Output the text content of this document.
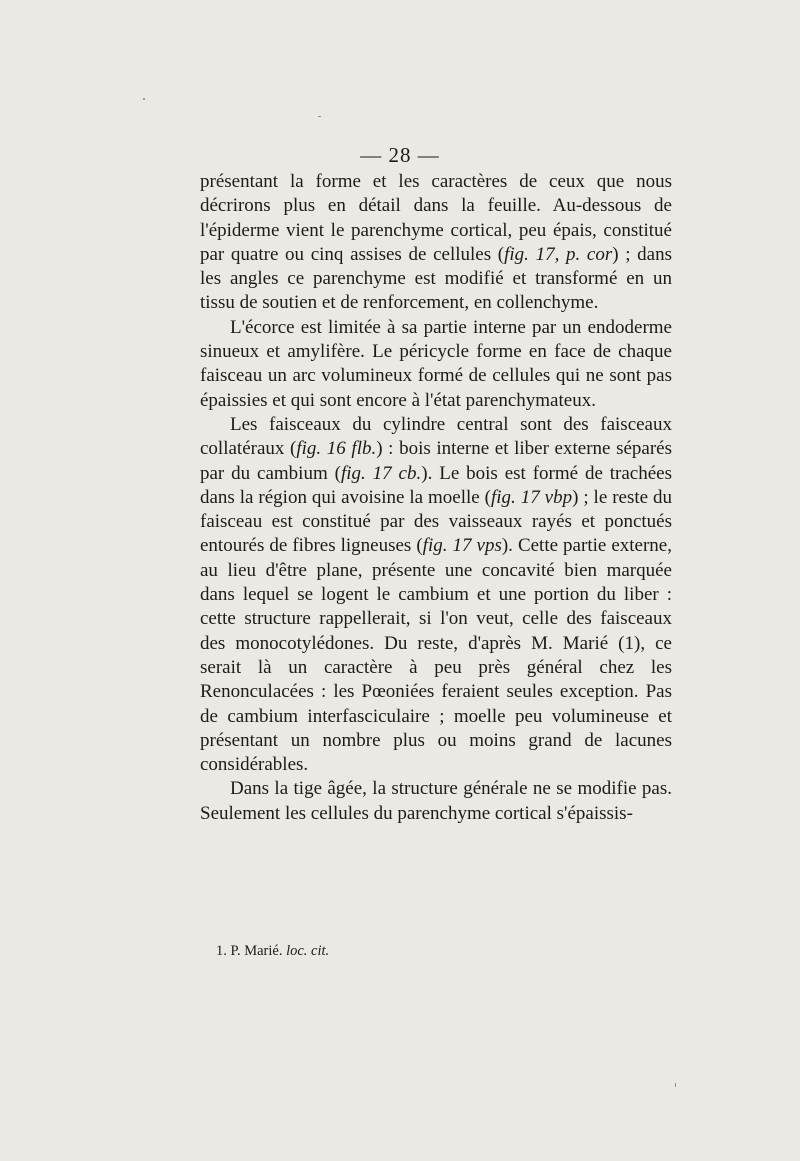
— 28 —

présentant la forme et les caractères de ceux que nous décrirons plus en détail dans la feuille. Au-dessous de l'épiderme vient le parenchyme cortical, peu épais, constitué par quatre ou cinq assises de cellules (fig. 17, p. cor) ; dans les angles ce parenchyme est modifié et transformé en un tissu de soutien et de renforcement, en collenchyme.

L'écorce est limitée à sa partie interne par un endoderme sinueux et amylifère. Le péricycle forme en face de chaque faisceau un arc volumineux formé de cellules qui ne sont pas épaissies et qui sont encore à l'état parenchymateux.

Les faisceaux du cylindre central sont des faisceaux collatéraux (fig. 16 flb.) : bois interne et liber externe séparés par du cambium (fig. 17 cb.). Le bois est formé de trachées dans la région qui avoisine la moelle (fig. 17 vbp) ; le reste du faisceau est constitué par des vaisseaux rayés et ponctués entourés de fibres ligneuses (fig. 17 vps). Cette partie externe, au lieu d'être plane, présente une concavité bien marquée dans lequel se logent le cambium et une portion du liber : cette structure rappellerait, si l'on veut, celle des faisceaux des monocotylédones. Du reste, d'après M. Marié (1), ce serait là un caractère à peu près général chez les Renonculacées : les Pœoniées feraient seules exception. Pas de cambium interfasciculaire ; moelle peu volumineuse et présentant un nombre plus ou moins grand de lacunes considérables.

Dans la tige âgée, la structure générale ne se modifie pas. Seulement les cellules du parenchyme cortical s'épaissis-

1. P. Marié. loc. cit.
